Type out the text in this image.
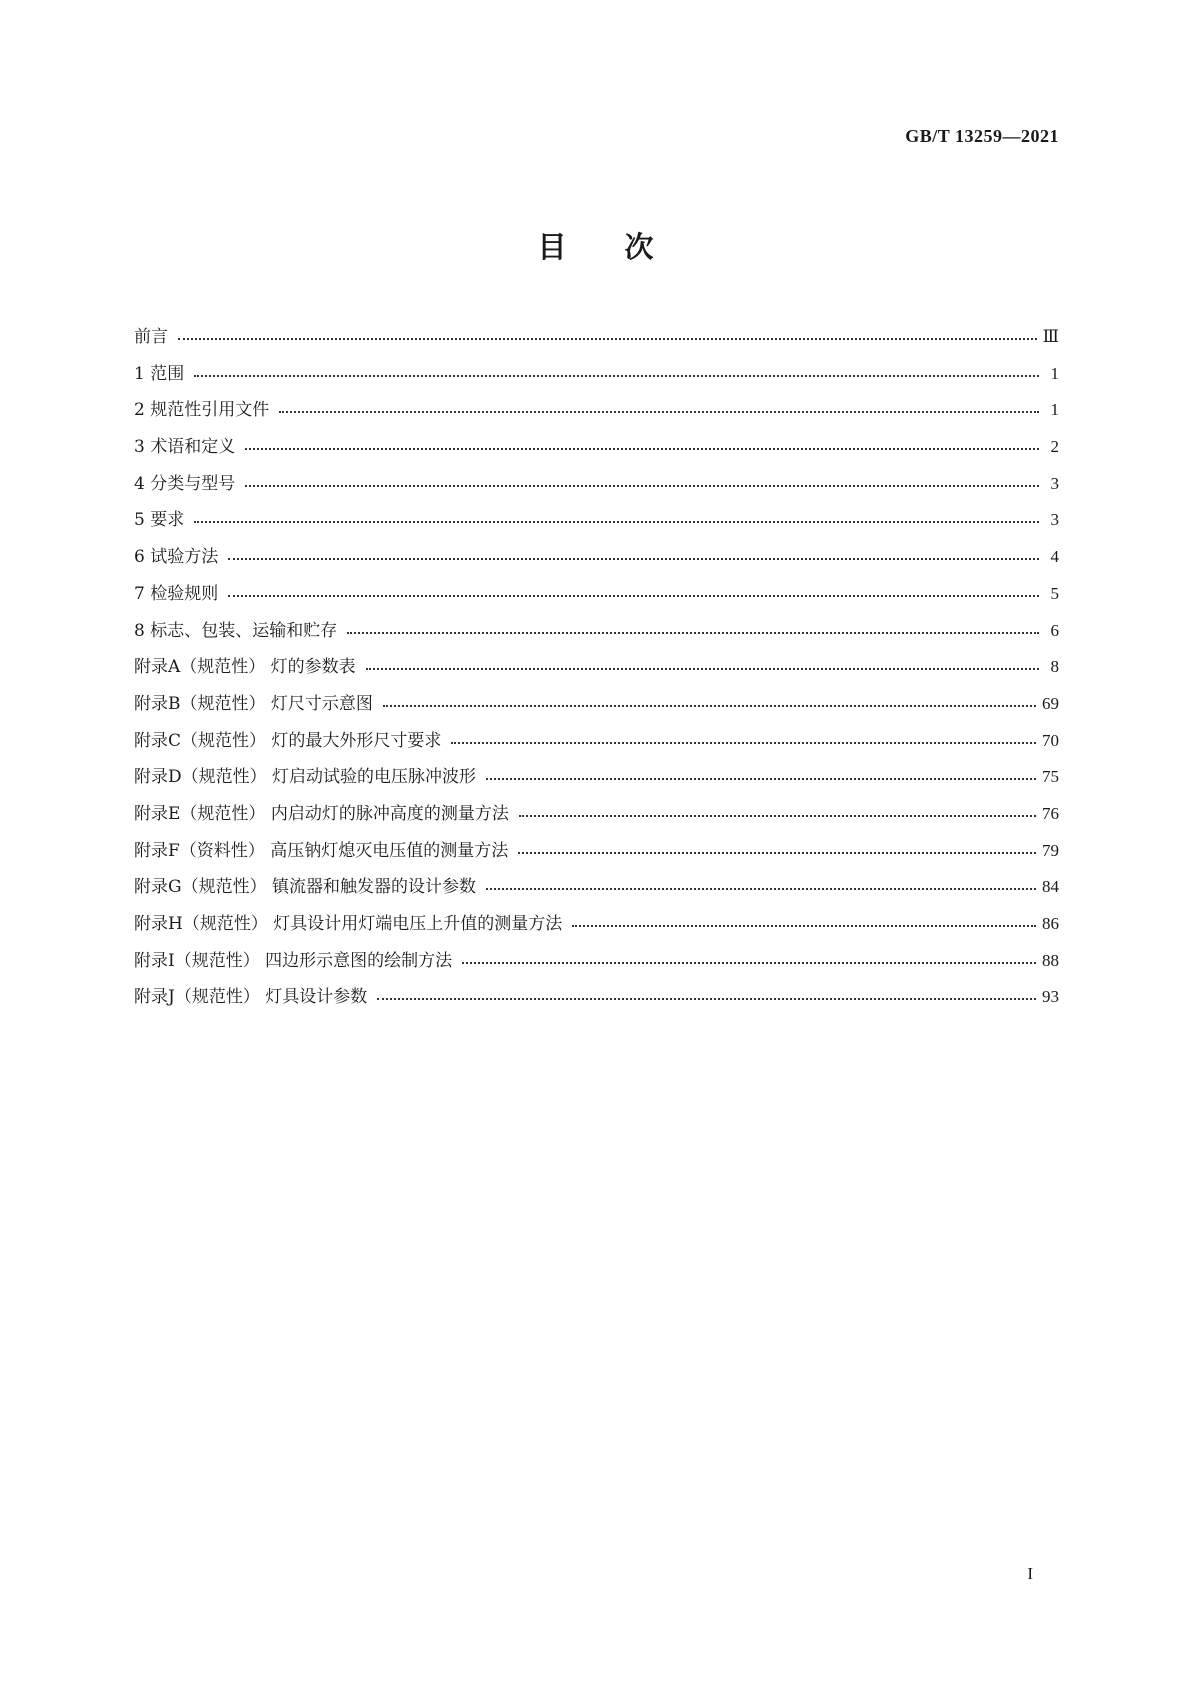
GB/T 13259—2021
目次
前言	Ⅲ
1 范围	1
2 规范性引用文件	1
3 术语和定义	2
4 分类与型号	3
5 要求	3
6 试验方法	4
7 检验规则	5
8 标志、包装、运输和贮存	6
附录A（规范性） 灯的参数表	8
附录B（规范性） 灯尺寸示意图	69
附录C（规范性） 灯的最大外形尺寸要求	70
附录D（规范性） 灯启动试验的电压脉冲波形	75
附录E（规范性） 内启动灯的脉冲高度的测量方法	76
附录F（资料性） 高压钠灯熄灭电压值的测量方法	79
附录G（规范性） 镇流器和触发器的设计参数	84
附录H（规范性） 灯具设计用灯端电压上升值的测量方法	86
附录I（规范性） 四边形示意图的绘制方法	88
附录J（规范性） 灯具设计参数	93
I
